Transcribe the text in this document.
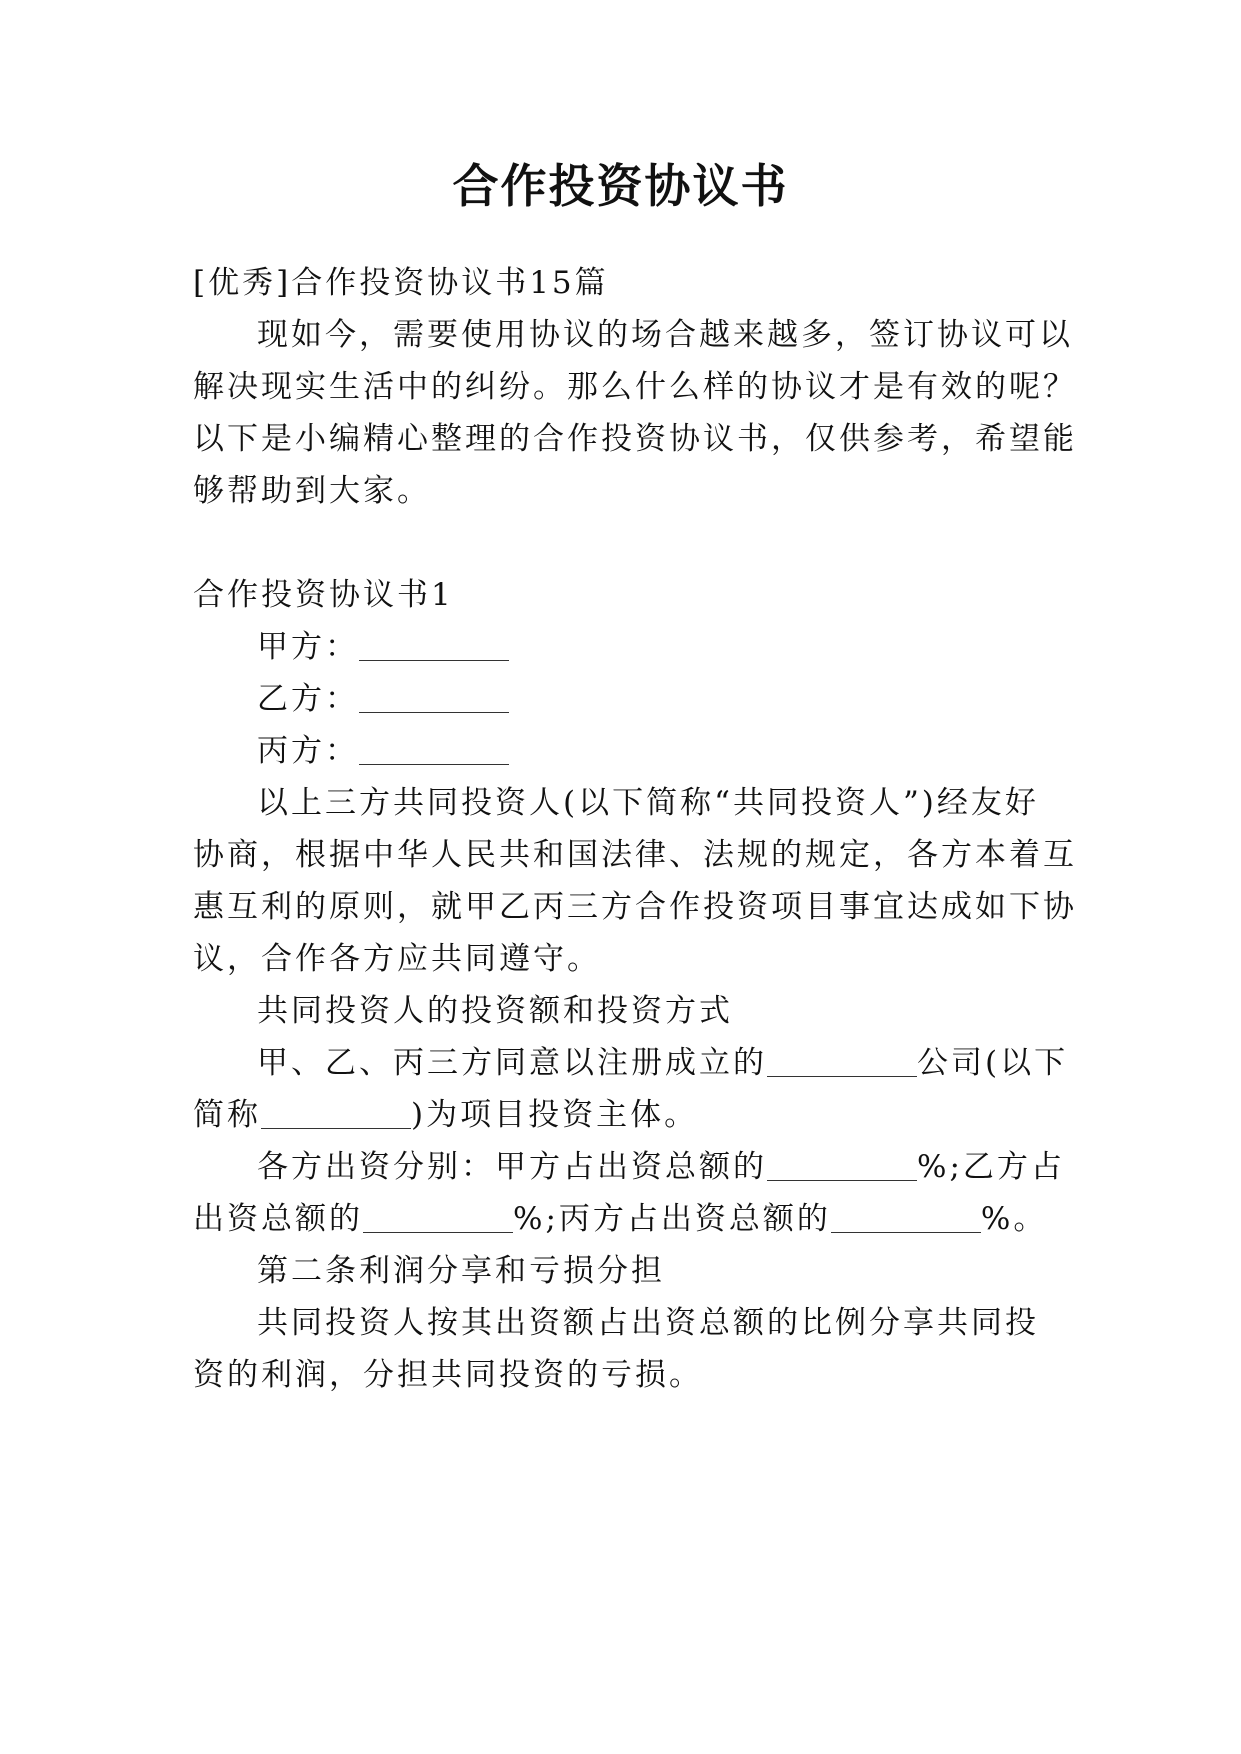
合作投资协议书
[优秀]合作投资协议书15篇
现如今，需要使用协议的场合越来越多，签订协议可以
解决现实生活中的纠纷。那么什么样的协议才是有效的呢？
以下是小编精心整理的合作投资协议书，仅供参考，希望能
够帮助到大家。
合作投资协议书1
甲方：
乙方：
丙方：
以上三方共同投资人(以下简称“共同投资人”)经友好
协商，根据中华人民共和国法律、法规的规定，各方本着互
惠互利的原则，就甲乙丙三方合作投资项目事宜达成如下协
议，合作各方应共同遵守。
共同投资人的投资额和投资方式
甲、乙、丙三方同意以注册成立的	公司(以下
简称	)为项目投资主体。
各方出资分别：甲方占出资总额的	%;乙方占
出资总额的	%;丙方占出资总额的	%。
第二条利润分享和亏损分担
共同投资人按其出资额占出资总额的比例分享共同投
资的利润，分担共同投资的亏损。
